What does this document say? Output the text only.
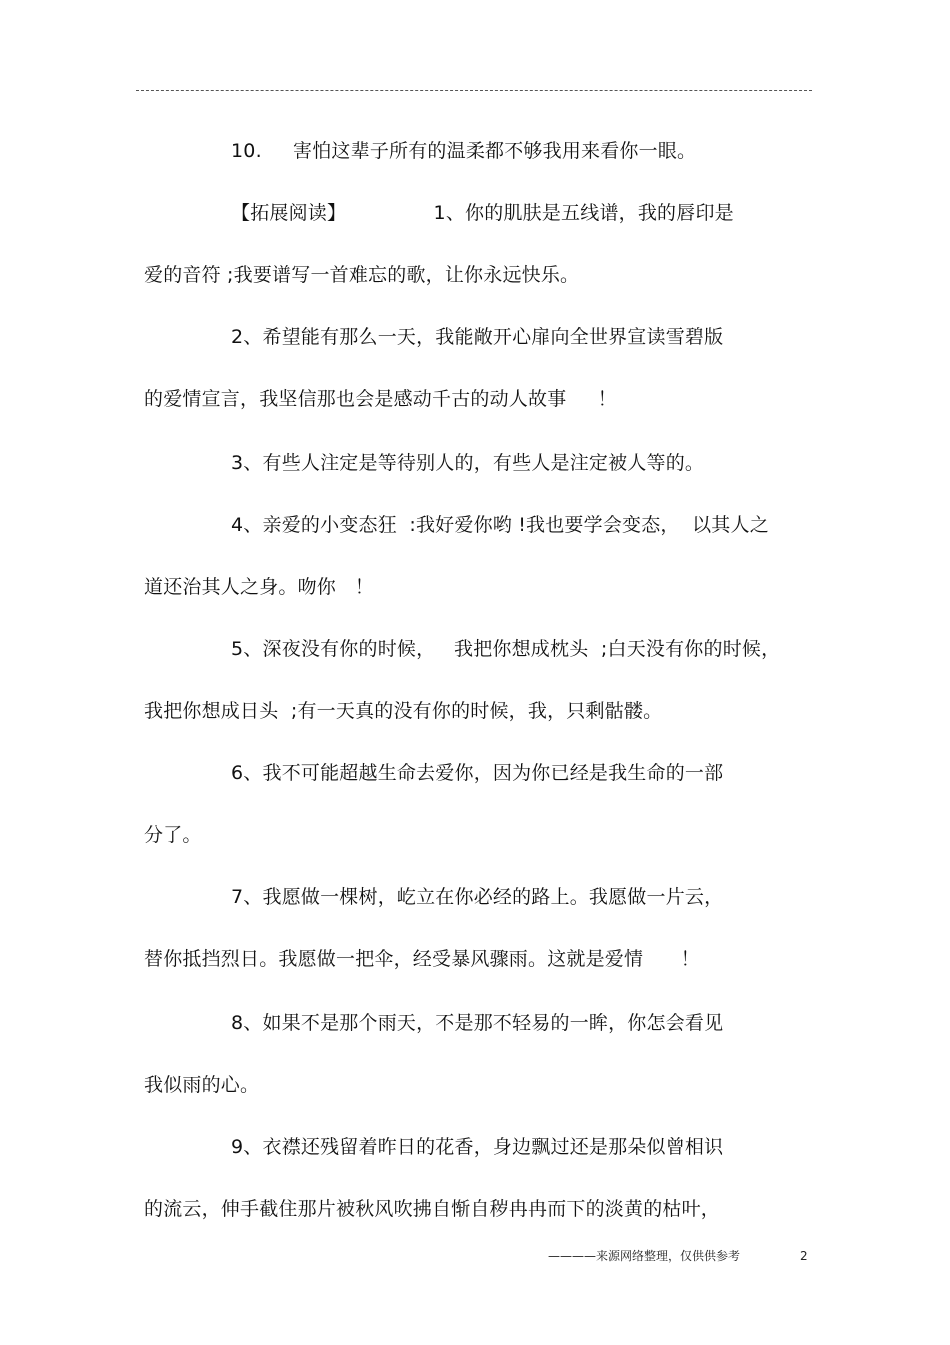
10.     害怕这辈子所有的温柔都不够我用来看你一眼。
【拓展阅读】              1、你的肌肤是五线谱，我的唇印是
爱的音符 ;我要谱写一首难忘的歌，让你永远快乐。
2、希望能有那么一天，我能敞开心扉向全世界宣读雪碧版
的爱情宣言，我坚信那也会是感动千古的动人故事     ！
3、有些人注定是等待别人的，有些人是注定被人等的。
4、亲爱的小变态狂  :我好爱你哟 !我也要学会变态，  以其人之
道还治其人之身。吻你   ！
5、深夜没有你的时候，   我把你想成枕头  ;白天没有你的时候，
我把你想成日头  ;有一天真的没有你的时候，我，只剩骷髅。
6、我不可能超越生命去爱你，因为你已经是我生命的一部
分了。
7、我愿做一棵树，屹立在你必经的路上。我愿做一片云，
替你抵挡烈日。我愿做一把伞，经受暴风骤雨。这就是爱情      ！
8、如果不是那个雨天，不是那不轻易的一眸，你怎会看见
我似雨的心。
9、衣襟还残留着昨日的花香，身边飘过还是那朵似曾相识
的流云，伸手截住那片被秋风吹拂自惭自秽冉冉而下的淡黄的枯叶，
————来源网络整理，仅供供参考	2
